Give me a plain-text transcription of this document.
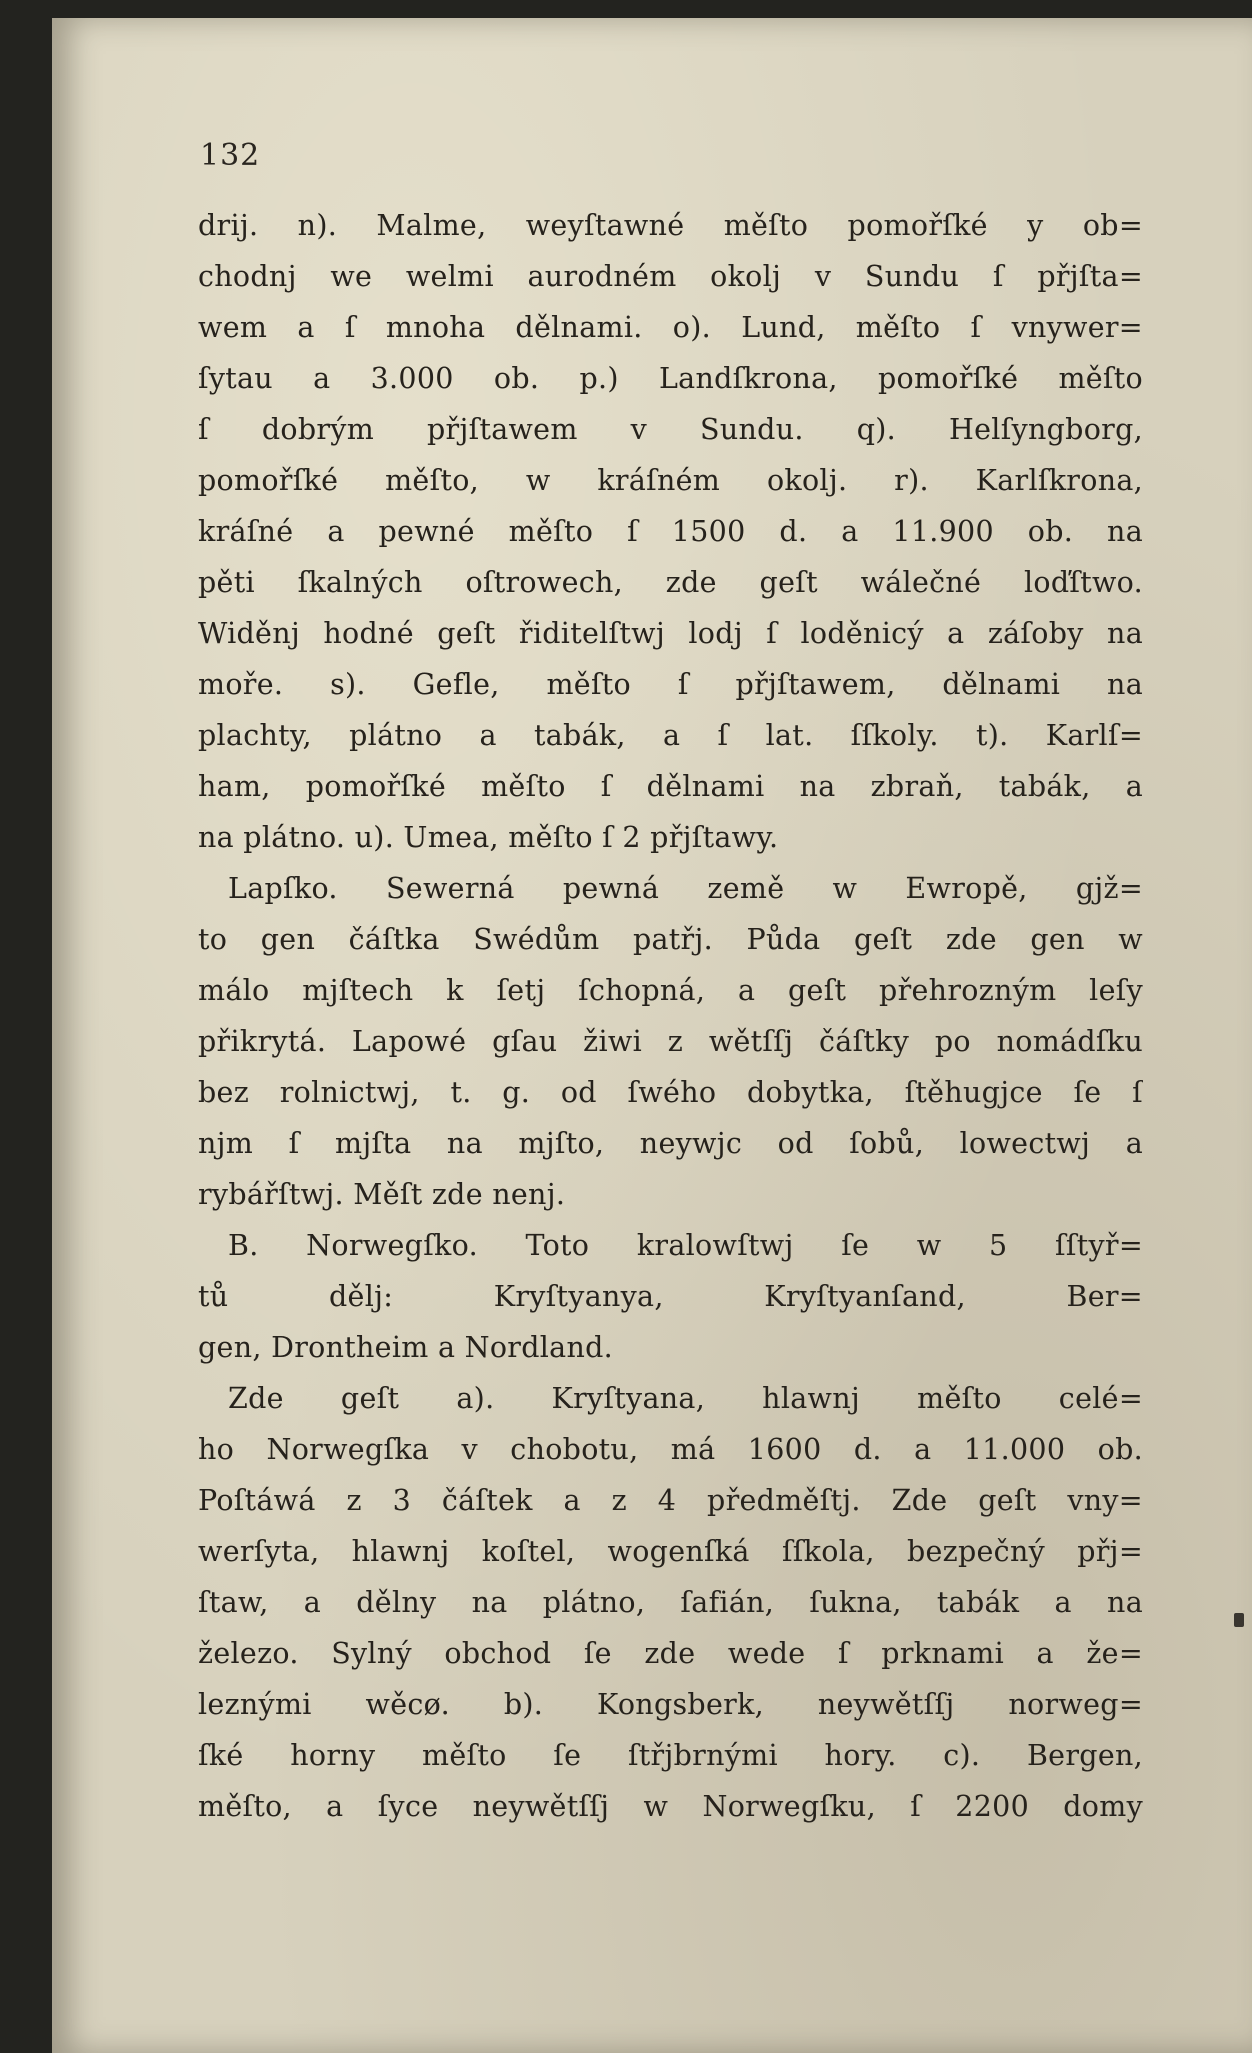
132
drij. n). Malme, weyſtawné měſto pomořſké y ob=
chodnj we welmi aurodném okolj v Sundu ſ přjſta=
wem a ſ mnoha dělnami. o). Lund, měſto ſ vnywer=
ſytau a 3.000 ob. p.) Landſkrona, pomořſké měſto
ſ dobrým přjſtawem v Sundu. q). Helſyngborg,
pomořſké měſto, w kráſném okolj. r). Karlſkrona,
kráſné a pewné měſto ſ 1500 d. a 11.900 ob. na
pěti ſkalných oſtrowech, zde geſt wálečné loďſtwo.
Widěnj hodné geſt řiditelſtwj lodj ſ loděnicý a záſoby na
moře. s). Gefle, měſto ſ přjſtawem, dělnami na
plachty, plátno a tabák, a ſ lat. ſſkoly. t). Karlſ=
ham, pomořſké měſto ſ dělnami na zbraň, tabák, a
na plátno. u). Umea, měſto ſ 2 přjſtawy.
Lapſko. Sewerná pewná země w Ewropě, gjž=
to gen čáſtka Swédům patřj. Půda geſt zde gen w
málo mjſtech k ſetj ſchopná, a geſt přehrozným leſy
přikrytá. Lapowé gſau žiwi z wětſſj čáſtky po nomádſku
bez rolnictwj, t. g. od ſwého dobytka, ſtěhugjce ſe ſ
njm ſ mjſta na mjſto, neywjc od ſobů, lowectwj a
rybářſtwj. Měſt zde nenj.
B. Norwegſko. Toto kralowſtwj ſe w 5 ſſtyř=
tů dělj: Kryſtyanya, Kryſtyanſand, Ber=
gen, Drontheim a Nordland.
Zde geſt a). Kryſtyana, hlawnj měſto celé=
ho Norwegſka v chobotu, má 1600 d. a 11.000 ob.
Poſtáwá z 3 čáſtek a z 4 předměſtj. Zde geſt vny=
werſyta, hlawnj koſtel, wogenſká ſſkola, bezpečný přj=
ſtaw, a dělny na plátno, ſafián, ſukna, tabák a na
železo. Sylný obchod ſe zde wede ſ prknami a že=
leznými wěcø. b). Kongsberk, neywětſſj norweg=
ſké horny měſto ſe ſtřjbrnými hory. c). Bergen,
měſto, a ſyce neywětſſj w Norwegſku, ſ 2200 domy
